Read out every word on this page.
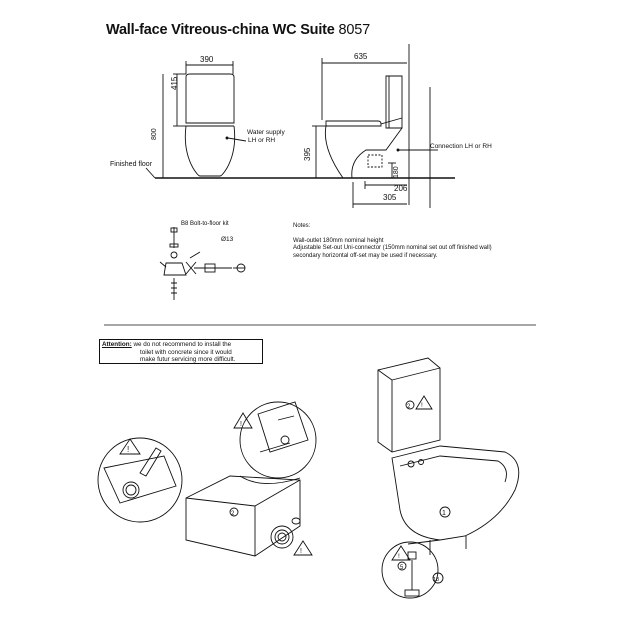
Wall-face Vitreous-china WC Suite 8057
!
2
!
!
2 !
1
!
5
13
390
415
800
635
395
180
206
305
Finished floor
Water supply
LH or RH
Connection LH or RH
B8 Bolt-to-floor kit
Ø13
Notes:
Wall-outlet 180mm nominal height
Adjustable Set-out Uni-connector (150mm nominal set out off finished wall)
secondary horizontal off-set may be used if necessary.
Attention: we do not recommend to install the
toilet with concrete since it would
make futur servicing more difficult.
